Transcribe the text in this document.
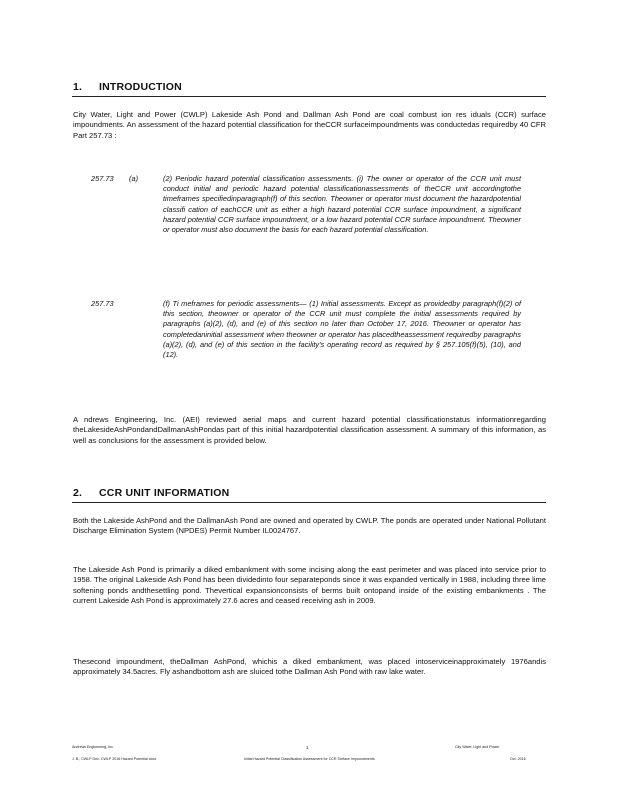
1. INTRODUCTION

City Water, Light and Power (CWLP) Lakeside Ash Pond and Dallman Ash Pond are coal combust ion res iduals (CCR) surface impoundments. An assessment of the hazard potential classification for theCCR surfaceimpoundments was conductedas requiredby 40 CFR Part 257.73 :

257.73 (a)	(2) Periodic hazard potential classification assessments. (i) The owner or operator of the CCR unit must conduct initial and periodic hazard potential classificationassessments of theCCR unit accordingtothe timeframes specifiedinparagraph(f) of this section. Theowner or operator must document the hazardpotential classifi cation of eachCCR unit as either a high hazard potential CCR surface impoundment, a significant hazard potential CCR surface impoundment, or a low hazard potential CCR surface impoundment. Theowner or operator must also document the basis for each hazard potential classification.
257.73	(f) Ti meframes for periodic assessments— (1) Initial assessments. Except as providedby paragraph(f)(2) of this section, theowner or operator of the CCR unit must complete the initial assessments required by paragraphs (a)(2), (d), and (e) of this section no later than October 17, 2016. Theowner or operator has completedaninitial assessment when theowner or operator has placedtheassessment requiredby paragraphs (a)(2), (d), and (e) of this section in the facility's operating record as required by § 257.105(f)(5), (10), and (12).

A ndrews Engineering, Inc. (AEI) reviewed aerial maps and current hazard potential classificationstatus informationregarding theLakesideAshPondandDallmanAshPondas part of this initial hazardpotential classification assessment. A summary of this information, as well as conclusions for the assessment is provided below.

2. CCR UNIT INFORMATION

Both the Lakeside AshPond and the DallmanAsh Pond are owned and operated by CWLP. The ponds are operated under National Pollutant Discharge Elimination System (NPDES) Permit Number IL0024767.

The Lakeside Ash Pond is primarily a diked embankment with some incising along the east perimeter and was placed into service prior to 1958. The original Lakeside Ash Pond has been dividedinto four separateponds since it was expanded vertically in 1988, including three lime softening ponds andthesettling pond. Thevertical expansionconsists of berms built ontopand inside of the existing embankments . The current Lakeside Ash Pond is approximately 27.6 acres and ceased receiving ash in 2009.

Thesecond impoundment, theDallman AshPond, whichis a diked embankment, was placed intoserviceinapproximately 1976andis approximately 34.5acres. Fly ashandbottom ash are sluiced tothe Dallman Ash Pond with raw lake water.

Andrews Engineering, Inc.
J. B., CWLP Dec. CWLP 2016 Hazard Potential docx
1
Initial Hazard Potential Classification Assessment for CCR Surface Impoundments
City Water, Light and Power
Oct. 2016
